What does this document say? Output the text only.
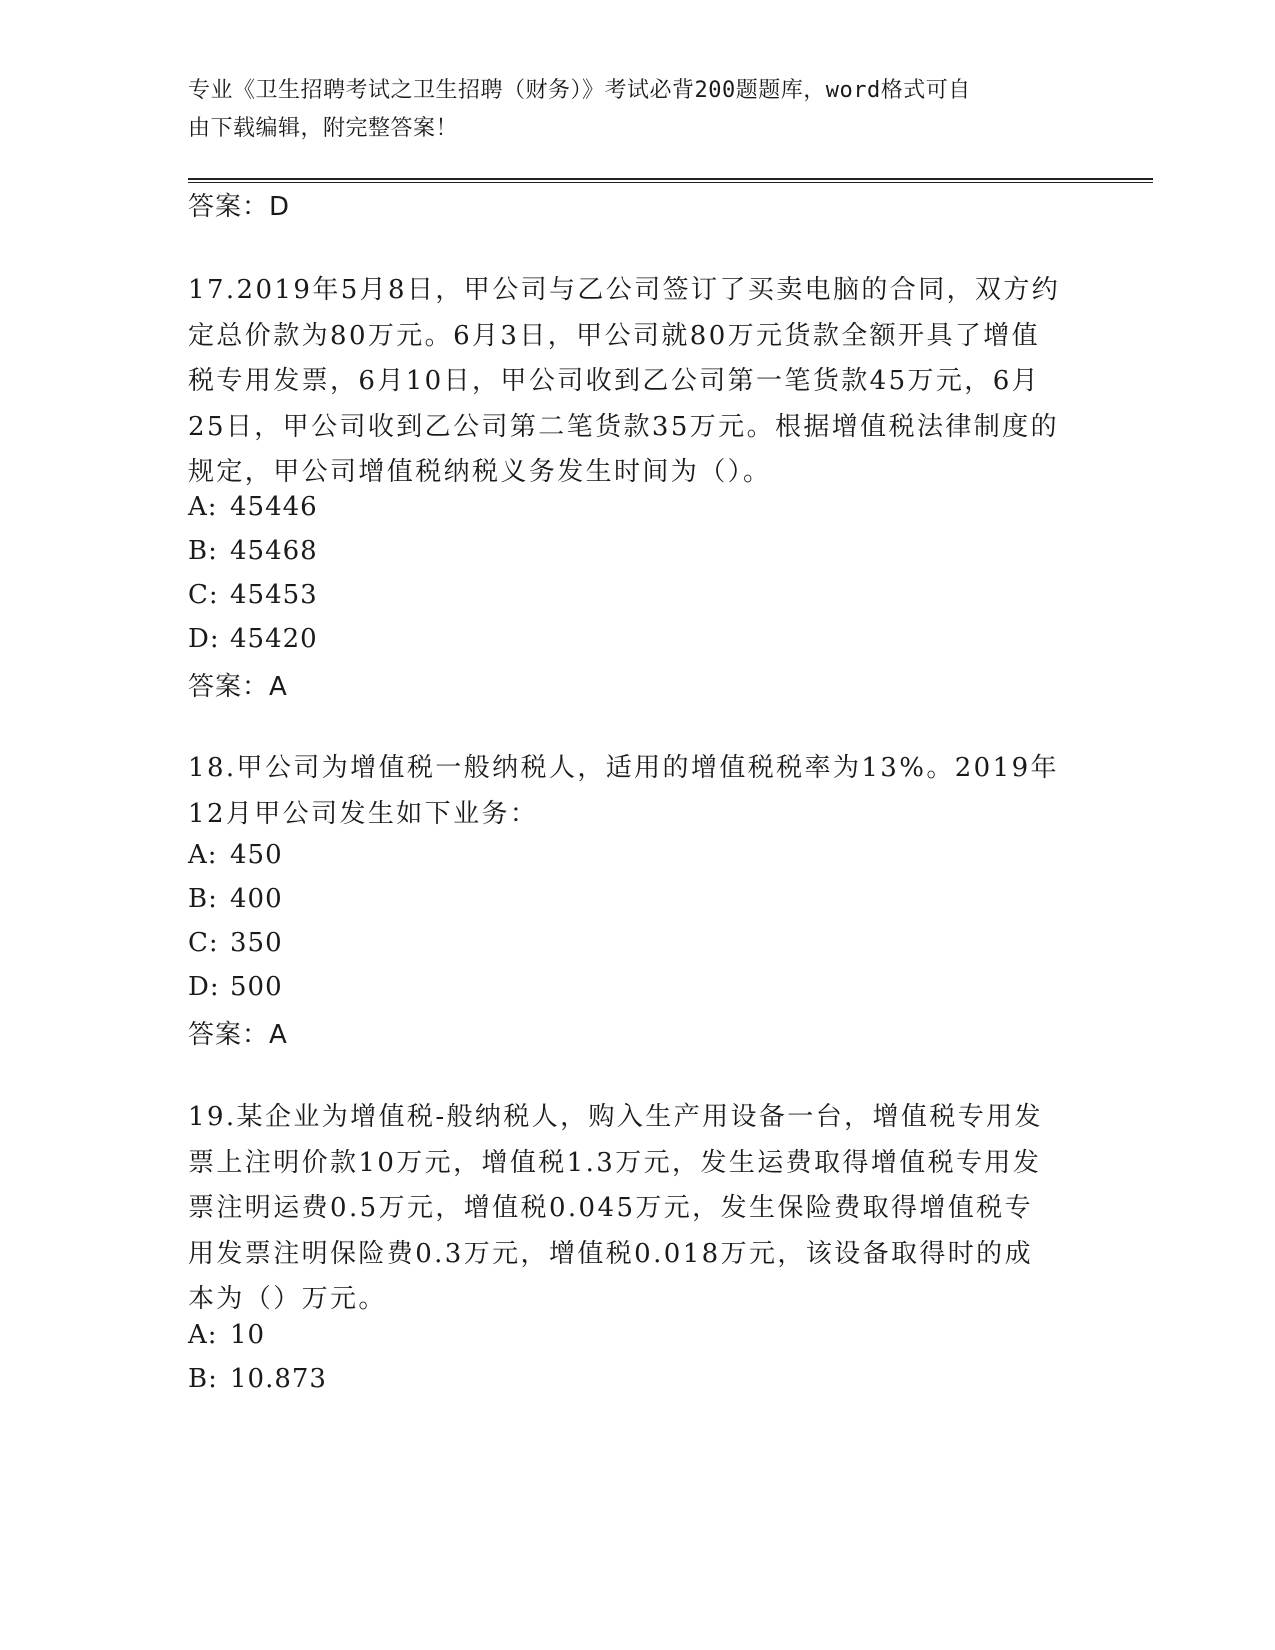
专业《卫生招聘考试之卫生招聘（财务）》考试必背200题题库，word格式可自
由下载编辑，附完整答案！
答案：D
17.2019年5月8日，甲公司与乙公司签订了买卖电脑的合同，双方约
定总价款为80万元。6月3日，甲公司就80万元货款全额开具了增值
税专用发票，6月10日，甲公司收到乙公司第一笔货款45万元，6月
25日，甲公司收到乙公司第二笔货款35万元。根据增值税法律制度的
规定，甲公司增值税纳税义务发生时间为（）。
A: 45446
B: 45468
C: 45453
D: 45420
答案：A
18.甲公司为增值税一般纳税人，适用的增值税税率为13%。2019年
12月甲公司发生如下业务：
A: 450
B: 400
C: 350
D: 500
答案：A
19.某企业为增值税-般纳税人，购入生产用设备一台，增值税专用发
票上注明价款10万元，增值税1.3万元，发生运费取得增值税专用发
票注明运费0.5万元，增值税0.045万元，发生保险费取得增值税专
用发票注明保险费0.3万元，增值税0.018万元，该设备取得时的成
本为（）万元。
A: 10
B: 10.873
